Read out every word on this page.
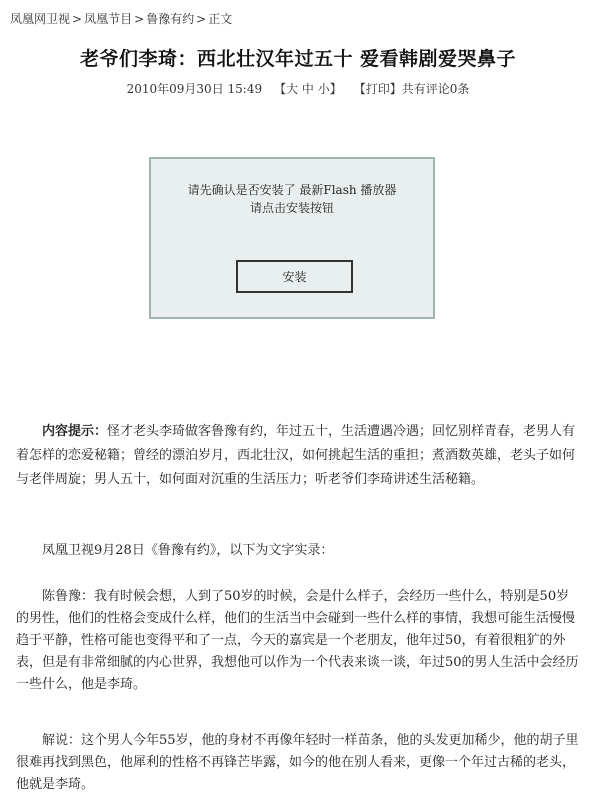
凤凰网卫视 > 凤凰节目 > 鲁豫有约 > 正文
老爷们李琦：西北壮汉年过五十 爱看韩剧爱哭鼻子
2010年09月30日 15:49 【大 中 小】 【打印】共有评论0条
请先确认是否安装了 最新Flash 播放器
请点击安装按钮
安装

内容提示：怪才老头李琦做客鲁豫有约，年过五十，生活遭遇冷遇；回忆别样青春，老男人有着怎样的恋爱秘籍；曾经的漂泊岁月，西北壮汉，如何挑起生活的重担；煮酒数英雄，老头子如何与老伴周旋；男人五十，如何面对沉重的生活压力；听老爷们李琦讲述生活秘籍。

凤凰卫视9月28日《鲁豫有约》，以下为文字实录：

陈鲁豫：我有时候会想，人到了50岁的时候，会是什么样子，会经历一些什么，特别是50岁的男性，他们的性格会变成什么样，他们的生活当中会碰到一些什么样的事情，我想可能生活慢慢趋于平静，性格可能也变得平和了一点，今天的嘉宾是一个老朋友，他年过50，有着很粗犷的外表，但是有非常细腻的内心世界，我想他可以作为一个代表来谈一谈，年过50的男人生活中会经历一些什么，他是李琦。

解说：这个男人今年55岁，他的身材不再像年轻时一样苗条，他的头发更加稀少，他的胡子里很难再找到黑色，他犀利的性格不再锋芒毕露，如今的他在别人看来，更像一个年过古稀的老头，他就是李琦。
